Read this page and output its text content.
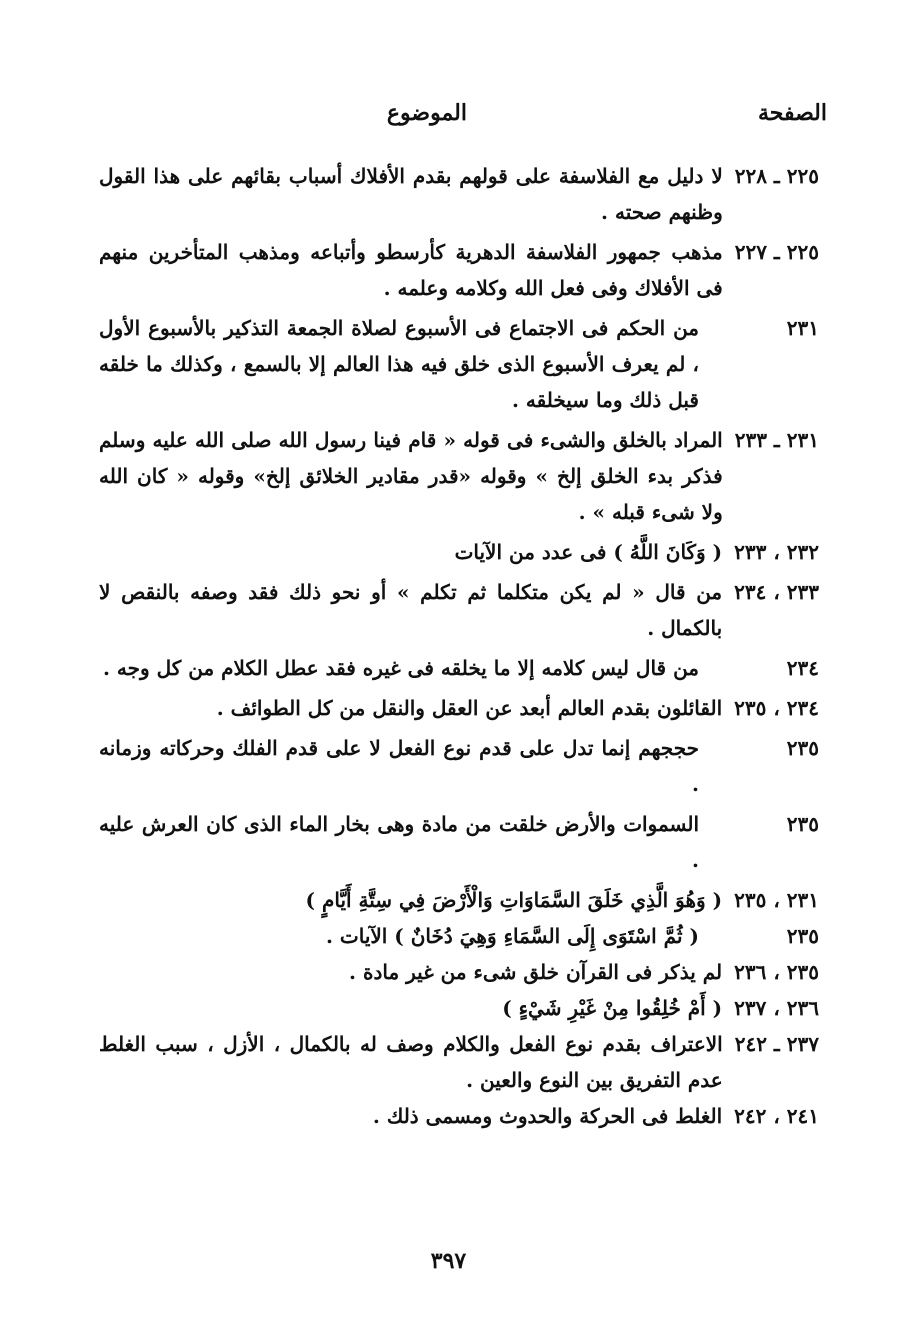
الصفحة
الموضوع
٢٢٥ ـ ٢٢٨
لا دليل مع الفلاسفة على قولهم بقدم الأفلاك أسباب بقائهم على هذا القول وظنهم صحته .
٢٢٥ ـ ٢٢٧
مذهب جمهور الفلاسفة الدهرية كأرسطو وأتباعه ومذهب المتأخرين منهم فى الأفلاك وفى فعل الله وكلامه وعلمه .
٢٣١
من الحكم فى الاجتماع فى الأسبوع لصلاة الجمعة التذكير بالأسبوع الأول ، لم يعرف الأسبوع الذى خلق فيه هذا العالم إلا بالسمع ، وكذلك ما خلقه قبل ذلك وما سيخلقه .
٢٣١ ـ ٢٣٣
المراد بالخلق والشىء فى قوله « قام فينا رسول الله صلى الله عليه وسلم فذكر بدء الخلق إلخ » وقوله «قدر مقادير الخلائق إلخ» وقوله « كان الله ولا شىء قبله » .
٢٣٢ ، ٢٣٣
( وَكَانَ اللَّهُ ) فى عدد من الآيات
٢٣٣ ، ٢٣٤
من قال « لم يكن متكلما ثم تكلم » أو نحو ذلك فقد وصفه بالنقص لا بالكمال .
٢٣٤
من قال ليس كلامه إلا ما يخلقه فى غيره فقد عطل الكلام من كل وجه .
٢٣٤ ، ٢٣٥
القائلون بقدم العالم أبعد عن العقل والنقل من كل الطوائف .
٢٣٥
حججهم إنما تدل على قدم نوع الفعل لا على قدم الفلك وحركاته وزمانه .
٢٣٥
السموات والأرض خلقت من مادة وهى بخار الماء الذى كان العرش عليه .
٢٣١ ، ٢٣٥
( وَهُوَ الَّذِي خَلَقَ السَّمَاوَاتِ وَالْأَرْضَ فِي سِتَّةِ أَيَّامٍ )
٢٣٥
( ثُمَّ اسْتَوَى إِلَى السَّمَاءِ وَهِيَ دُخَانٌ ) الآيات .
٢٣٥ ، ٢٣٦
لم يذكر فى القرآن خلق شىء من غير مادة .
٢٣٦ ، ٢٣٧
( أَمْ خُلِقُوا مِنْ غَيْرِ شَيْءٍ )
٢٣٧ ـ ٢٤٢
الاعتراف بقدم نوع الفعل والكلام وصف له بالكمال ، الأزل ، سبب الغلط عدم التفريق بين النوع والعين .
٢٤١ ، ٢٤٢
الغلط فى الحركة والحدوث ومسمى ذلك .
٣٩٧
